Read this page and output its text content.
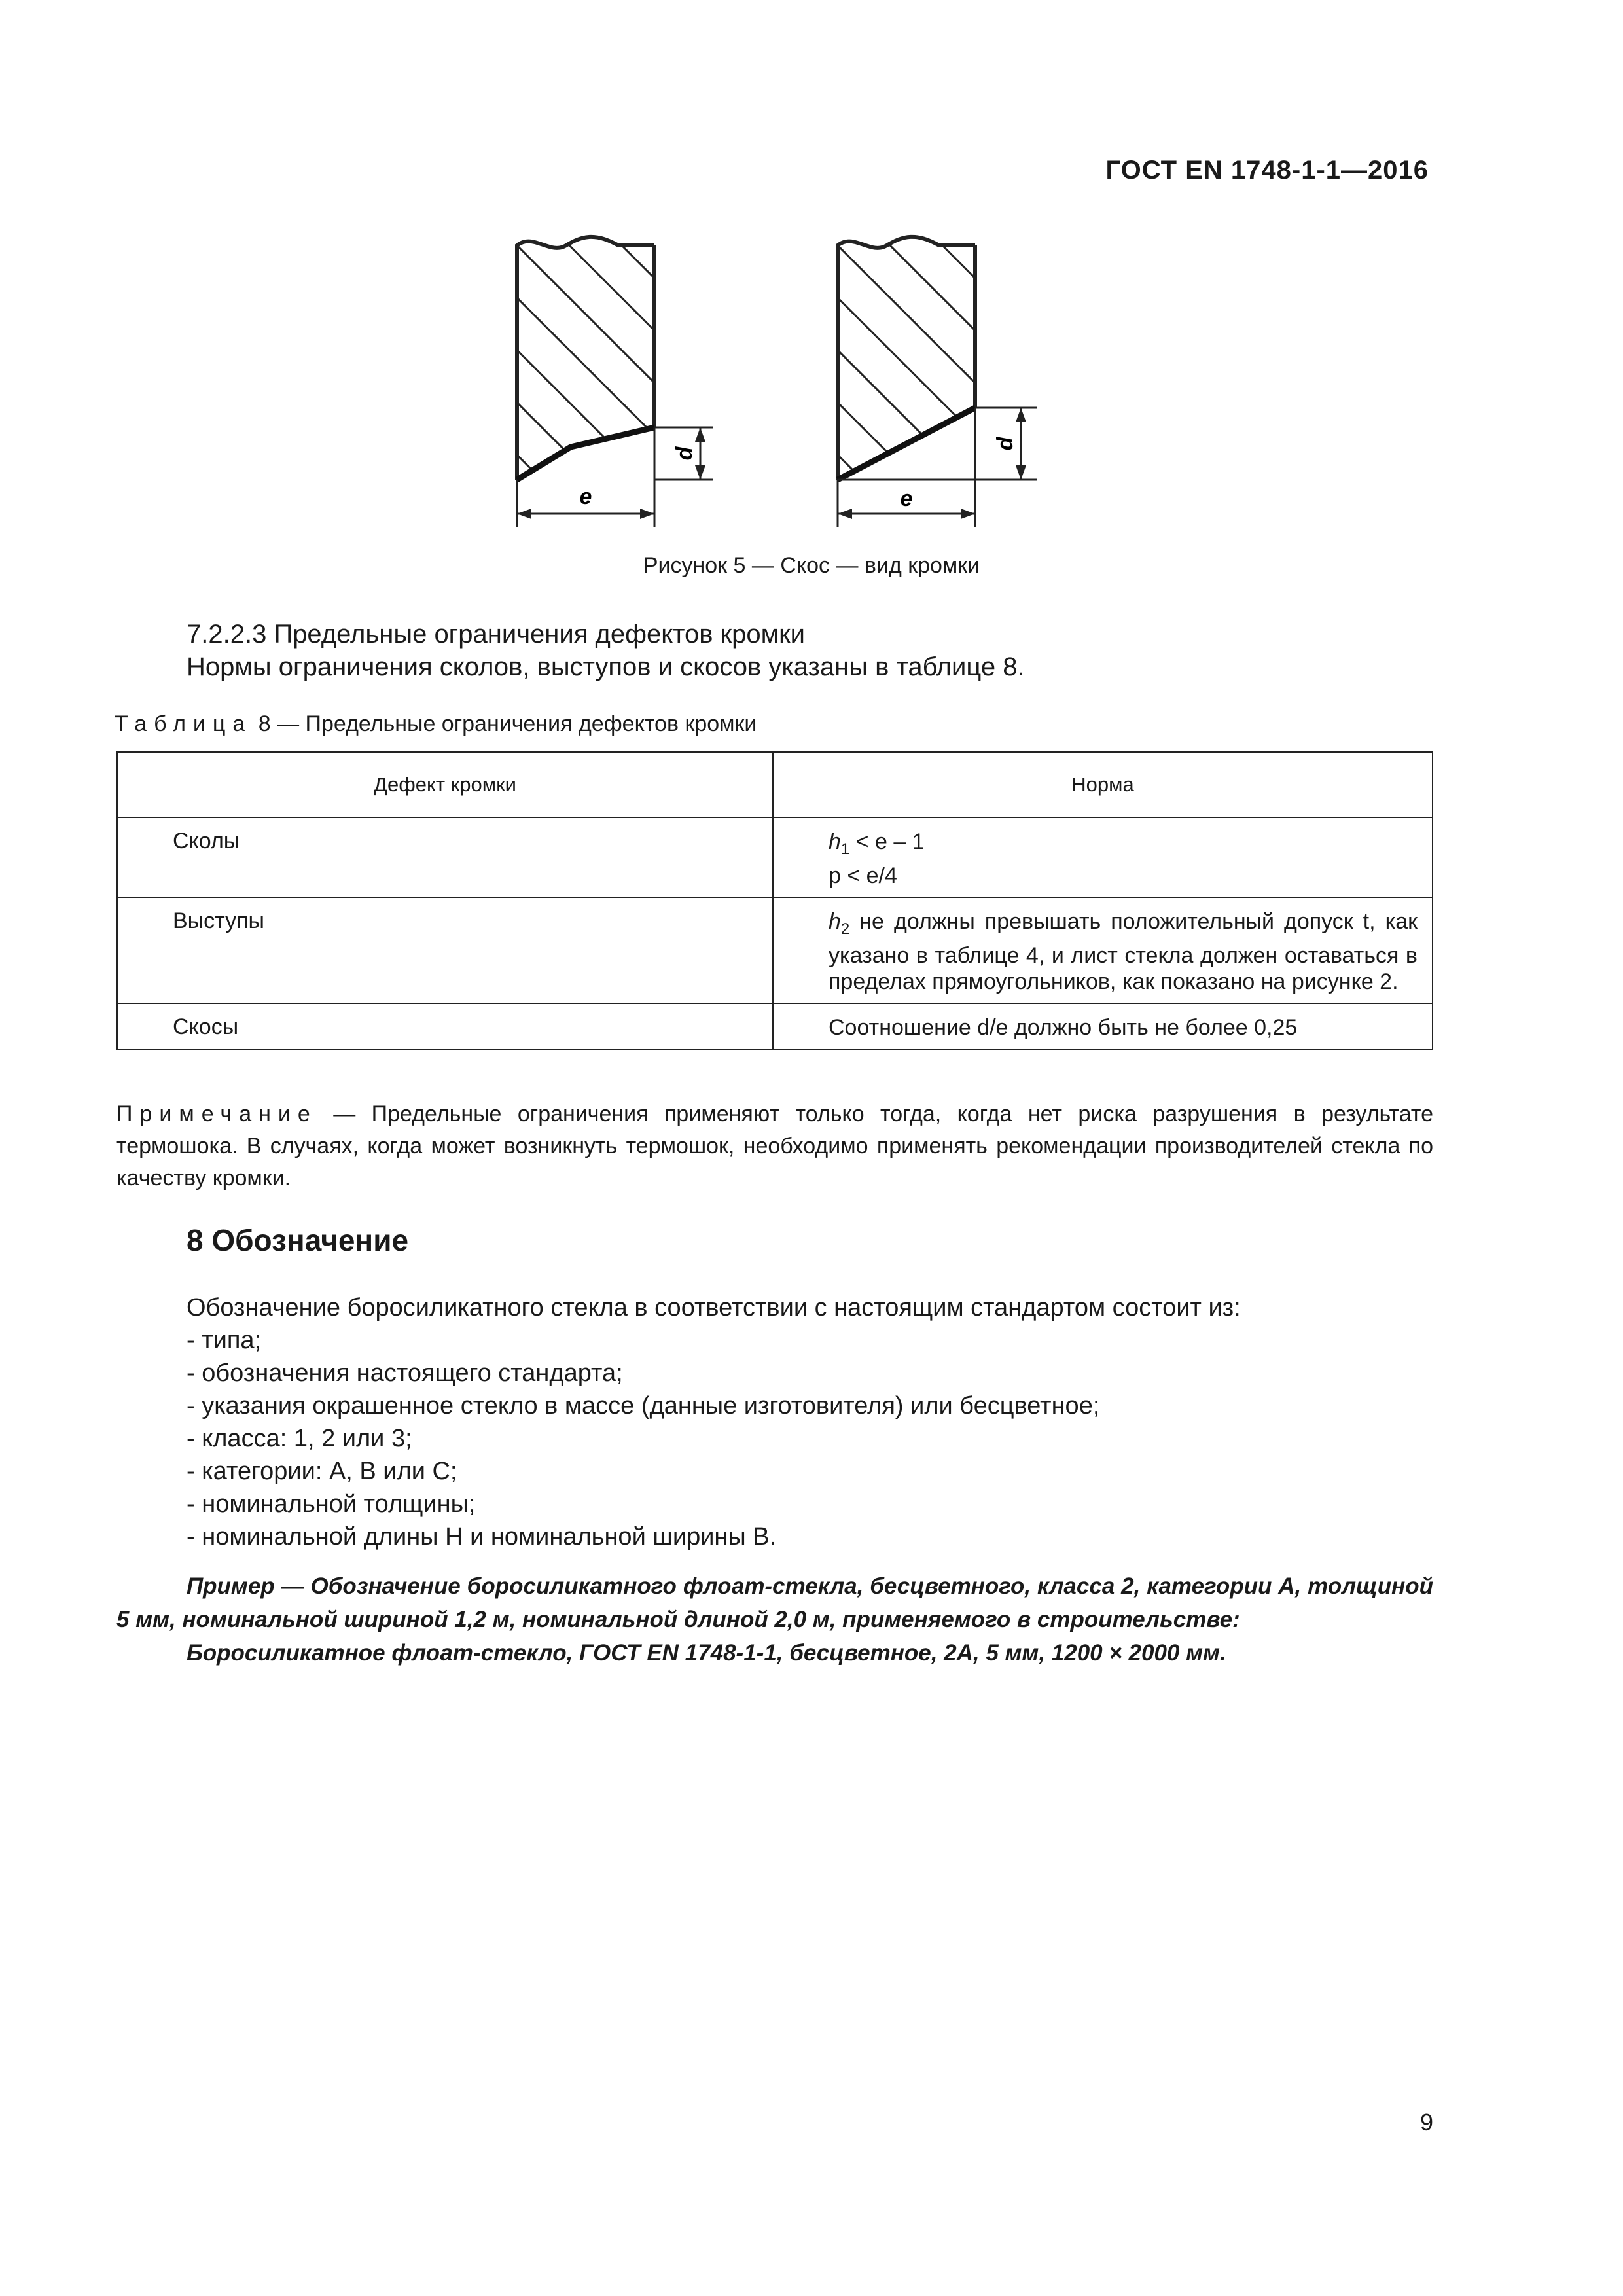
ГОСТ EN 1748-1-1—2016
e
d
e
d
Рисунок 5 — Скос — вид кромки
7.2.2.3 Предельные ограничения дефектов кромки
Нормы ограничения сколов, выступов и скосов указаны в таблице 8.
Таблица 8 — Предельные ограничения дефектов кромки
Дефект кромки	Норма
Сколы	$h_1 < e - 1$
p < e/4

Выступы	$h_2$ не должны превышать положительный допуск t, как указано в таблице 4, и лист стекла должен оставаться в пределах прямоугольников, как показано на рисунке 2.
Скосы	Соотношение d/e должно быть не более 0,25
Примечание — Предельные ограничения применяют только тогда, когда нет риска разрушения в результате термошока. В случаях, когда может возникнуть термошок, необходимо применять рекомендации производителей стекла по качеству кромки.
8 Обозначение
Обозначение боросиликатного стекла в соответствии с настоящим стандартом состоит из:
- типа;
- обозначения настоящего стандарта;
- указания окрашенное стекло в массе (данные изготовителя) или бесцветное;
- класса: 1, 2 или 3;
- категории: A, B или C;
- номинальной толщины;
- номинальной длины H и номинальной ширины B.
Пример — Обозначение боросиликатного флоат-стекла, бесцветного, класса 2, категории А, толщиной 5 мм, номинальной шириной 1,2 м, номинальной длиной 2,0 м, применяемого в строительстве:
Боросиликатное флоат-стекло, ГОСТ EN 1748-1-1, бесцветное, 2А, 5 мм, 1200 × 2000 мм.
9
